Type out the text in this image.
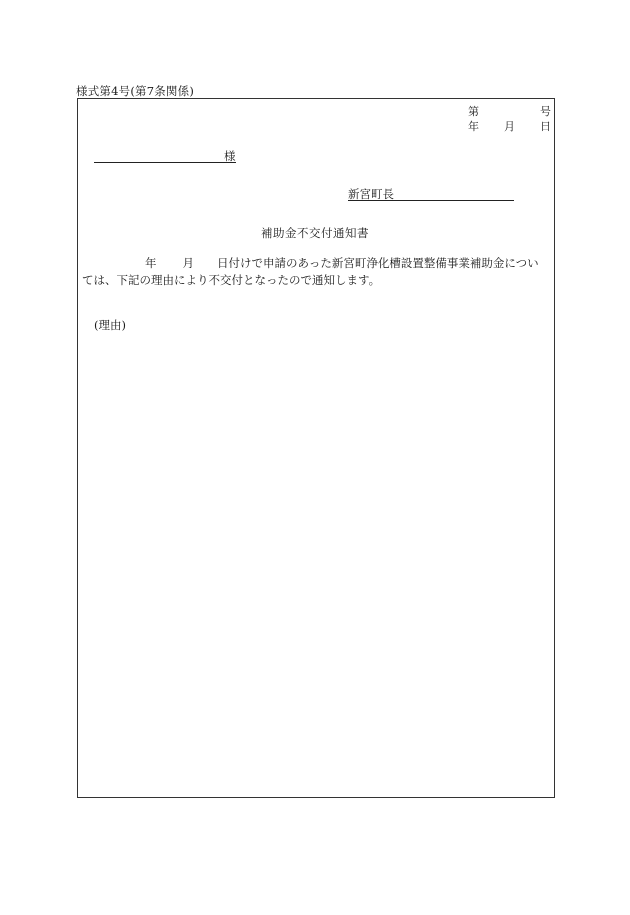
様式第4号(第7条関係)
第	号
年 月 日
様
新宮町長
補助金不交付通知書
年 月 日付けで申請のあった新宮町浄化槽設置整備事業補助金につい
ては、下記の理由により不交付となったので通知します。
(理由)
